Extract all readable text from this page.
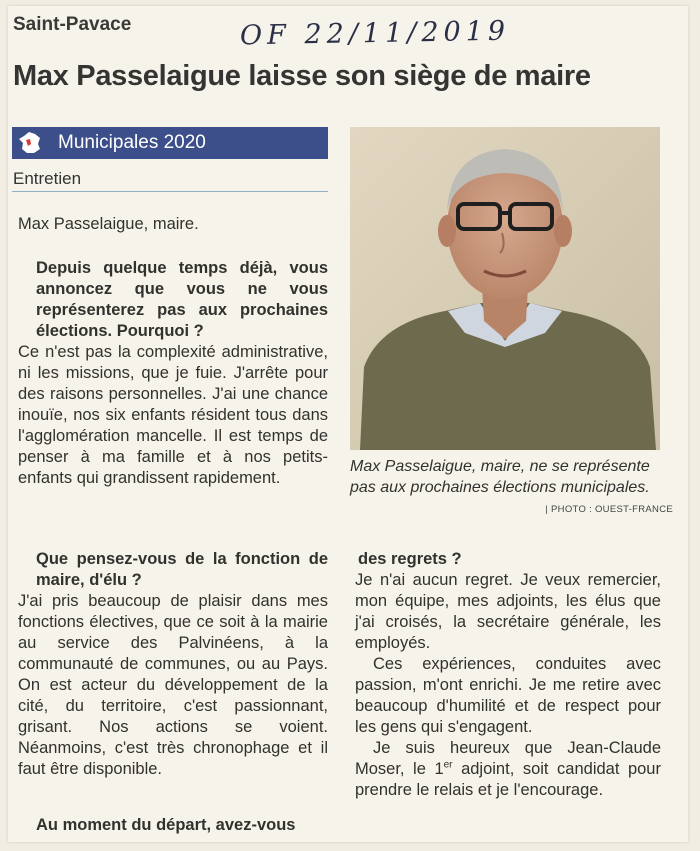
Saint-Pavace	OF 22/11/2019
Max Passelaigue laisse son siège de maire
Municipales 2020
Entretien
Max Passelaigue, maire.
Depuis quelque temps déjà, vous annoncez que vous ne vous représenterez pas aux prochaines élections. Pourquoi ?
Ce n'est pas la complexité administrative, ni les missions, que je fuie. J'arrête pour des raisons personnelles. J'ai une chance inouïe, nos six enfants résident tous dans l'agglomération mancelle. Il est temps de penser à ma famille et à nos petits-enfants qui grandissent rapidement.
Que pensez-vous de la fonction de maire, d'élu ?
J'ai pris beaucoup de plaisir dans mes fonctions électives, que ce soit à la mairie au service des Palvinéens, à la communauté de communes, ou au Pays. On est acteur du développement de la cité, du territoire, c'est passionnant, grisant. Nos actions se voient. Néanmoins, c'est très chronophage et il faut être disponible.
Au moment du départ, avez-vous
Max Passelaigue, maire, ne se représente pas aux prochaines élections municipales.
| PHOTO : OUEST-FRANCE
des regrets ?
Je n'ai aucun regret. Je veux remercier, mon équipe, mes adjoints, les élus que j'ai croisés, la secrétaire générale, les employés.
Ces expériences, conduites avec passion, m'ont enrichi. Je me retire avec beaucoup d'humilité et de respect pour les gens qui s'engagent.
Je suis heureux que Jean-Claude Moser, le 1er adjoint, soit candidat pour prendre le relais et je l'encourage.
